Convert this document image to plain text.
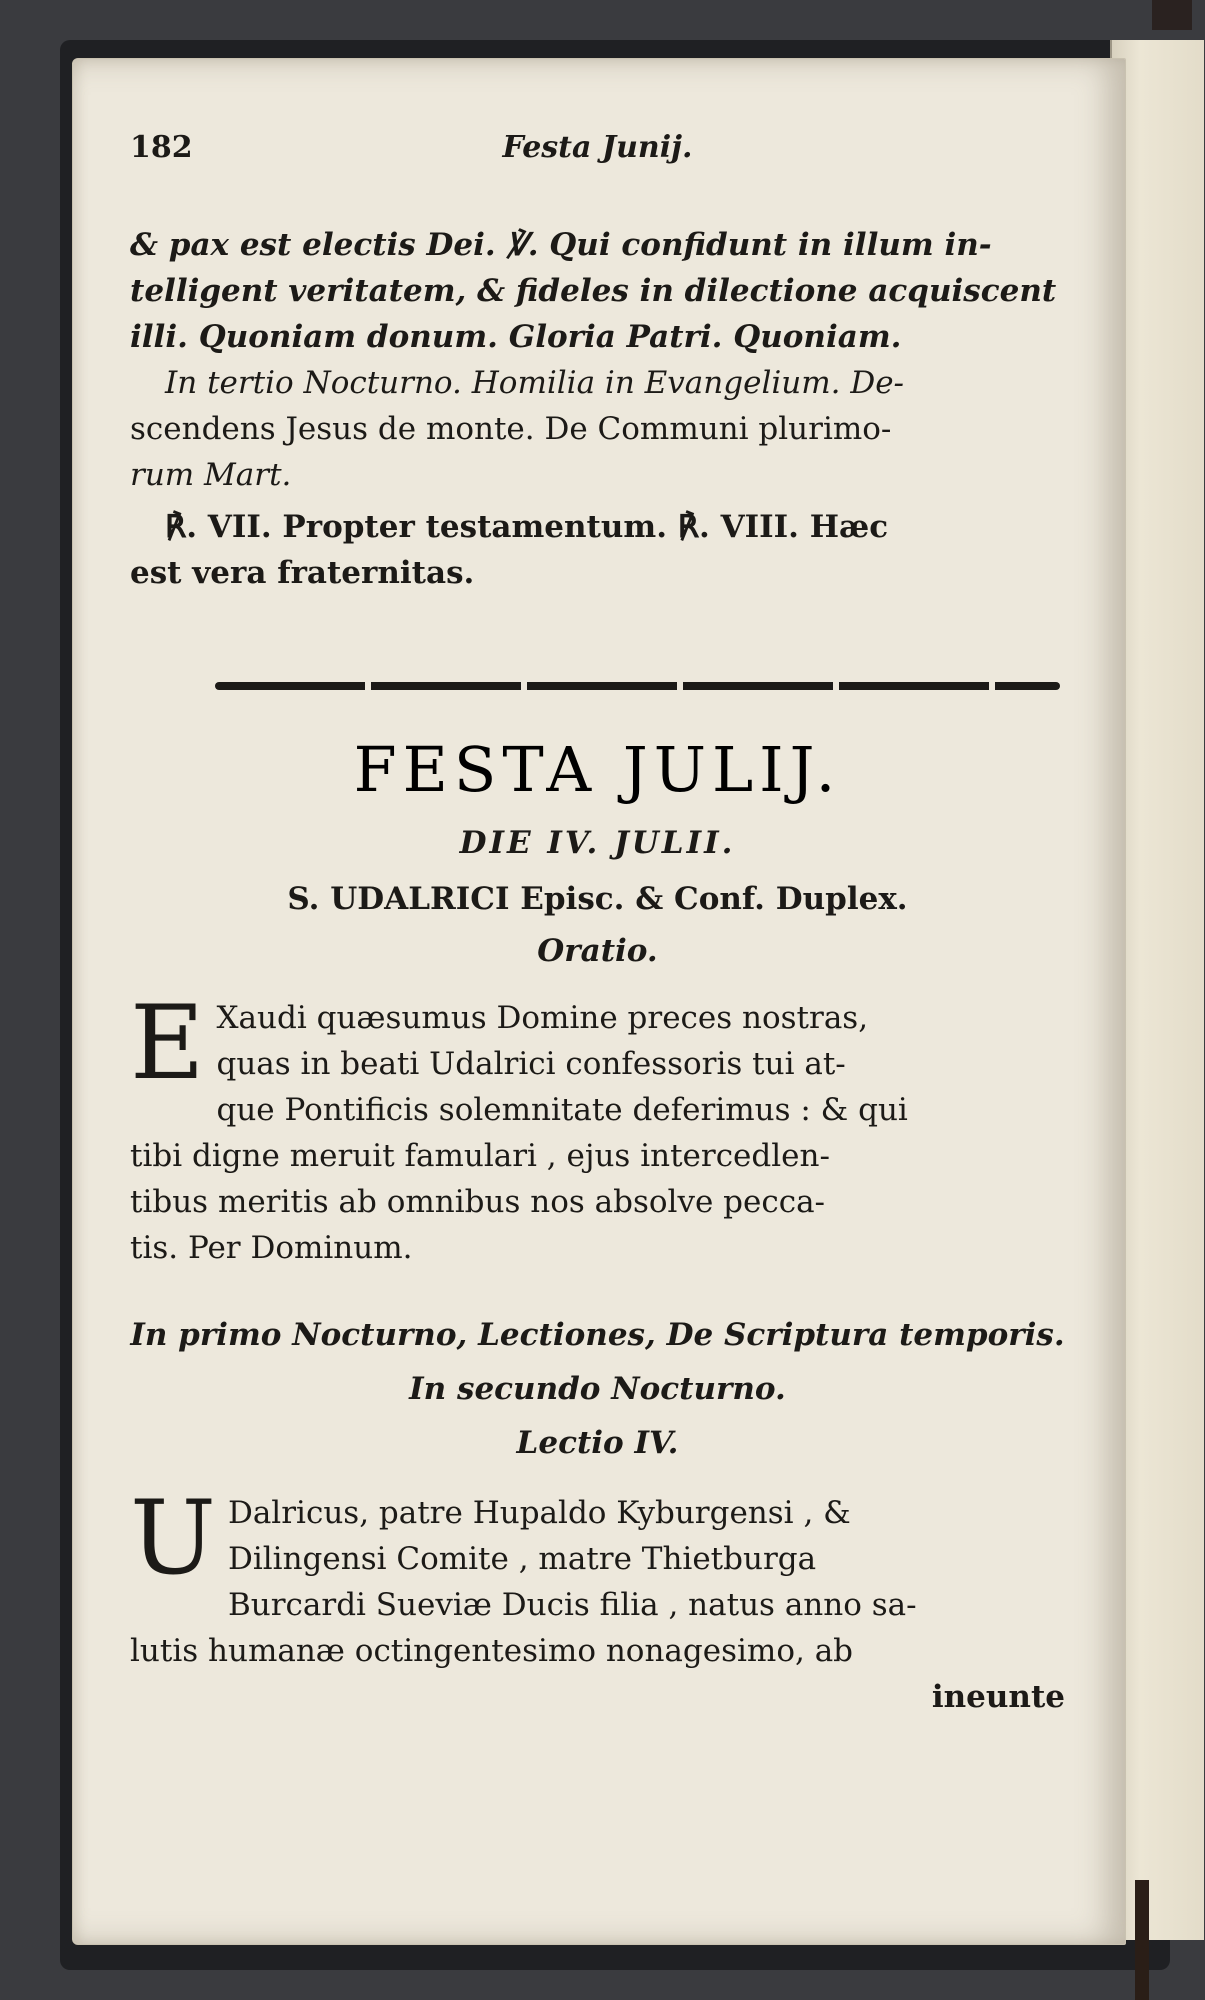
182	Festa Junij.
& pax est electis Dei. ℣. Qui confidunt in illum in-
telligent veritatem, & fideles in dilectione acquiscent
illi. Quoniam donum. Gloria Patri. Quoniam.
In tertio Nocturno. Homilia in Evangelium. De-
scendens Jesus de monte. De Communi plurimo-
rum Mart.
℟. VII. Propter testamentum. ℟. VIII. Hæc
est vera fraternitas.
FESTA JULIJ.
DIE IV. JULII.
S. UDALRICI Episc. & Conf. Duplex.
Oratio.
E Xaudi quæsumus Domine preces nostras,
quas in beati Udalrici confessoris tui at-
que Pontificis solemnitate deferimus : & qui
tibi digne meruit famulari , ejus intercedlen-
tibus meritis ab omnibus nos absolve pecca-
tis. Per Dominum.
In primo Nocturno, Lectiones, De Scriptura temporis.
In secundo Nocturno.
Lectio IV.
U Dalricus, patre Hupaldo Kyburgensi , &
Dilingensi Comite , matre Thietburga
Burcardi Sueviæ Ducis filia , natus anno sa-
lutis humanæ octingentesimo nonagesimo, ab
ineunte
